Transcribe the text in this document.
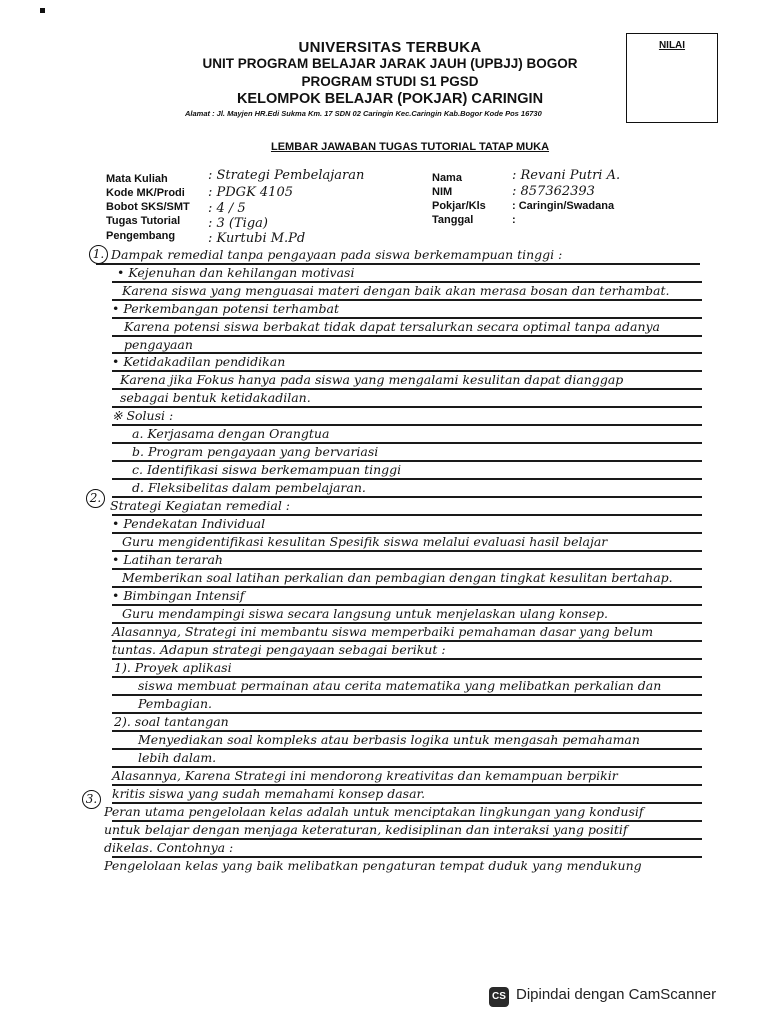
UNIVERSITAS TERBUKA
UNIT PROGRAM BELAJAR JARAK JAUH (UPBJJ) BOGOR
PROGRAM STUDI S1 PGSD
KELOMPOK BELAJAR (POKJAR) CARINGIN
Alamat : Jl. Mayjen HR.Edi Sukma Km. 17 SDN 02 Caringin Kec.Caringin Kab.Bogor Kode Pos 16730
NILAI
LEMBAR JAWABAN TUGAS TUTORIAL TATAP MUKA
Mata Kuliah
Kode MK/Prodi
Bobot SKS/SMT
Tugas Tutorial
Pengembang
: Strategi Pembelajaran
: PDGK 4105
: 4 / 5
: 3 (Tiga)
: Kurtubi M.Pd
Nama
NIM
Pokjar/Kls
Tanggal
: Revani Putri A.
: 857362393
: Caringin/Swadana
:
1.
2.
3.
Dampak remedial tanpa pengayaan pada siswa berkemampuan tinggi :
• Kejenuhan dan kehilangan motivasi
Karena siswa yang menguasai materi dengan baik akan merasa bosan dan terhambat.
• Perkembangan potensi terhambat
Karena potensi siswa berbakat tidak dapat tersalurkan secara optimal tanpa adanya
pengayaan
• Ketidakadilan pendidikan
Karena jika Fokus hanya pada siswa yang mengalami kesulitan dapat dianggap
sebagai bentuk ketidakadilan.
※ Solusi :
a. Kerjasama dengan Orangtua
b. Program pengayaan yang bervariasi
c. Identifikasi siswa berkemampuan tinggi
d. Fleksibelitas dalam pembelajaran.
Strategi Kegiatan remedial :
• Pendekatan Individual
Guru mengidentifikasi kesulitan Spesifik siswa melalui evaluasi hasil belajar
• Latihan terarah
Memberikan soal latihan perkalian dan pembagian dengan tingkat kesulitan bertahap.
• Bimbingan Intensif
Guru mendampingi siswa secara langsung untuk menjelaskan ulang konsep.
Alasannya, Strategi ini membantu siswa memperbaiki pemahaman dasar yang belum
tuntas. Adapun strategi pengayaan sebagai berikut :
1). Proyek aplikasi
siswa membuat permainan atau cerita matematika yang melibatkan perkalian dan
Pembagian.
2). soal tantangan
Menyediakan soal kompleks atau berbasis logika untuk mengasah pemahaman
lebih dalam.
Alasannya, Karena Strategi ini mendorong kreativitas dan kemampuan berpikir
kritis siswa yang sudah memahami konsep dasar.
Peran utama pengelolaan kelas adalah untuk menciptakan lingkungan yang kondusif
untuk belajar dengan menjaga keteraturan, kedisiplinan dan interaksi yang positif
dikelas. Contohnya :
Pengelolaan kelas yang baik melibatkan pengaturan tempat duduk yang mendukung
CS Dipindai dengan CamScanner
